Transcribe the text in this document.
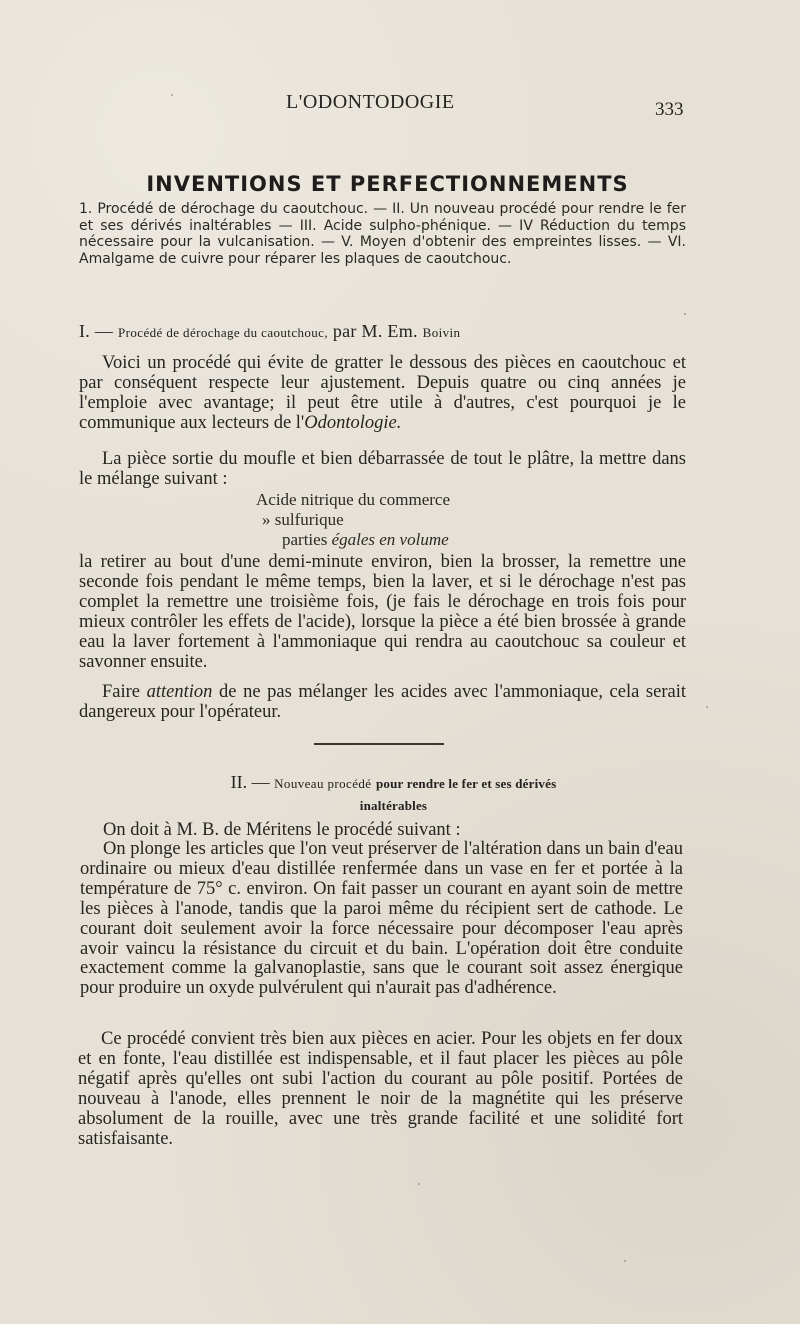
L'ODONTODOGIE	333
INVENTIONS ET PERFECTIONNEMENTS

1. Procédé de dérochage du caoutchouc. — II. Un nouveau procédé pour rendre le fer et ses dérivés inaltérables — III. Acide sulpho-phénique. — IV Réduction du temps nécessaire pour la vulcanisation. — V. Moyen d'obtenir des empreintes lisses. — VI. Amalgame de cuivre pour réparer les plaques de caoutchouc.

I. — Procédé de dérochage du caoutchouc, par M. Em. Boivin

Voici un procédé qui évite de gratter le dessous des pièces en caoutchouc et par conséquent respecte leur ajustement. Depuis quatre ou cinq années je l'emploie avec avantage; il peut être utile à d'autres, c'est pourquoi je le communique aux lecteurs de l'Odontologie.

La pièce sortie du moufle et bien débarrassée de tout le plâtre, la mettre dans le mélange suivant :

Acide nitrique du commerce
» sulfurique
parties égales en volume

la retirer au bout d'une demi-minute environ, bien la brosser, la remettre une seconde fois pendant le même temps, bien la laver, et si le dérochage n'est pas complet la remettre une troisième fois, (je fais le dérochage en trois fois pour mieux contrôler les effets de l'acide), lorsque la pièce a été bien brossée à grande eau la laver fortement à l'ammoniaque qui rendra au caoutchouc sa couleur et savonner ensuite.

Faire attention de ne pas mélanger les acides avec l'ammoniaque, cela serait dangereux pour l'opérateur.

II. — Nouveau procédé pour rendre le fer et ses dérivés
inaltérables

On doit à M. B. de Méritens le procédé suivant :

On plonge les articles que l'on veut préserver de l'altération dans un bain d'eau ordinaire ou mieux d'eau distillée renfermée dans un vase en fer et portée à la température de 75° c. environ. On fait passer un courant en ayant soin de mettre les pièces à l'anode, tandis que la paroi même du récipient sert de cathode. Le courant doit seulement avoir la force nécessaire pour décomposer l'eau après avoir vaincu la résistance du circuit et du bain. L'opération doit être conduite exactement comme la galvanoplastie, sans que le courant soit assez énergique pour produire un oxyde pulvérulent qui n'aurait pas d'adhérence.

Ce procédé convient très bien aux pièces en acier. Pour les objets en fer doux et en fonte, l'eau distillée est indispensable, et il faut placer les pièces au pôle négatif après qu'elles ont subi l'action du courant au pôle positif. Portées de nouveau à l'anode, elles prennent le noir de la magnétite qui les préserve absolument de la rouille, avec une très grande facilité et une solidité fort satisfaisante.
